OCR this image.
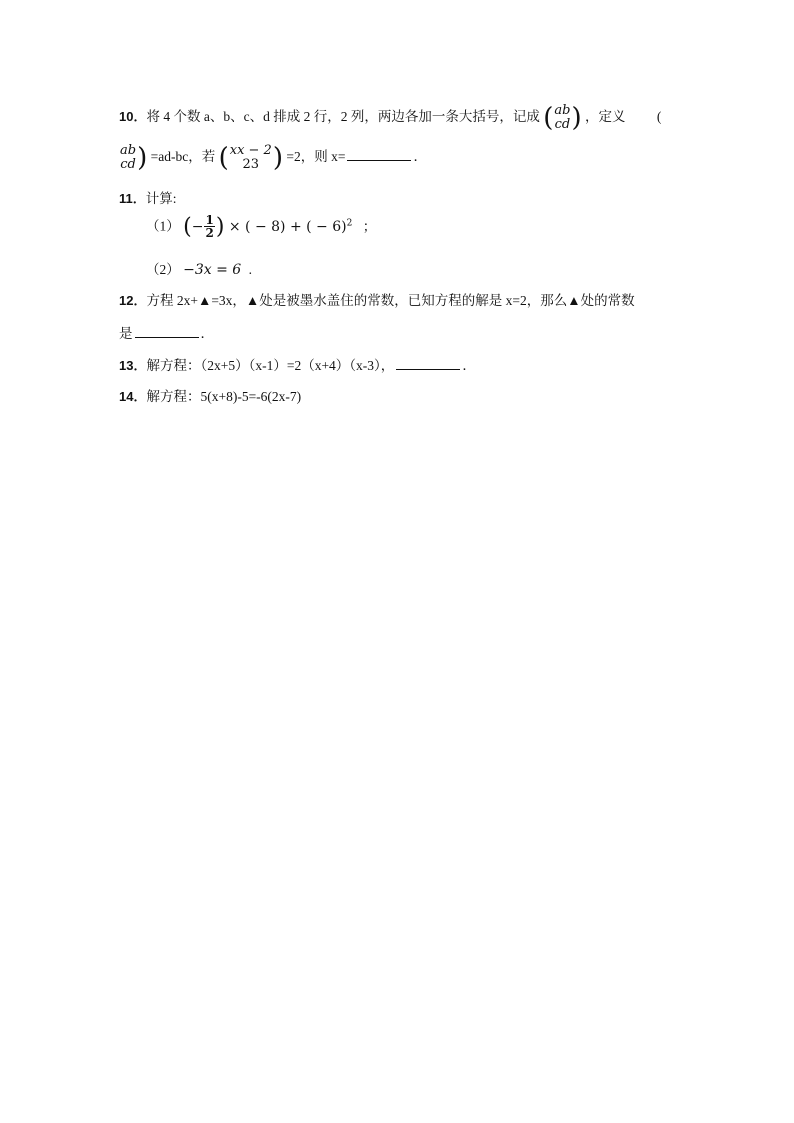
10．将 4 个数 a、b、c、d 排成 2 行，2 列，两边各加一条大括号，记成 ( ab
cd ) ，定义 (
ab
cd ) =ad-bc，若 ( xx − 2
23 ) =2，则 x=	．
11．计算:
（1） (− $\frac{1}{2}$ ) × ( − 8) + ( − 6)$^2$ ；
（2） −3x = 6 .
12．方程 2x+▲=3x，▲处是被墨水盖住的常数，已知方程的解是 x=2，那么▲处的常数
是	．
13．解方程：（2x+5）（x-1）=2（x+4）（x-3），	．
14．解方程：5(x+8)-5=-6(2x-7)
